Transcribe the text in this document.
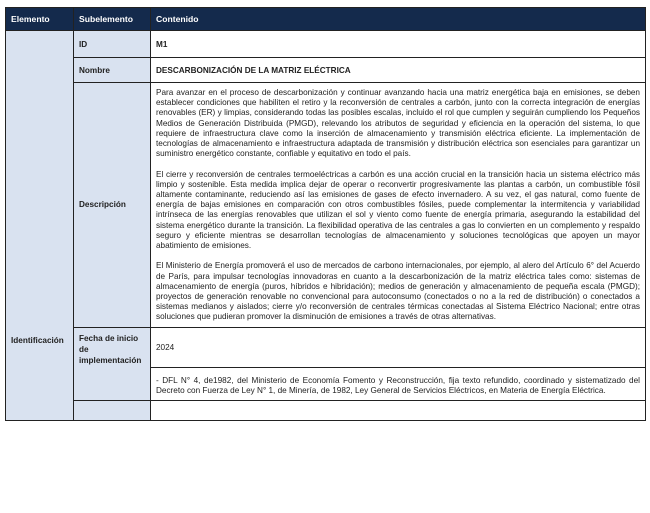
Elemento	Subelemento	Contenido
Identificación	ID	M1
	Nombre	DESCARBONIZACIÓN DE LA MATRIZ ELÉCTRICA
	Descripción	Para avanzar en el proceso de descarbonización y continuar avanzando hacia una matriz energética baja en emisiones, se deben establecer condiciones que habiliten el retiro y la reconversión de centrales a carbón, junto con la correcta integración de energías renovables (ER) y limpias, considerando todas las posibles escalas, incluido el rol que cumplen y seguirán cumpliendo los Pequeños Medios de Generación Distribuida (PMGD), relevando los atributos de seguridad y eficiencia en la operación del sistema, lo que requiere de infraestructura clave como la inserción de almacenamiento y transmisión eléctrica eficiente. La implementación de tecnologías de almacenamiento e infraestructura adaptada de transmisión y distribución eléctrica son esenciales para garantizar un suministro energético constante, confiable y equitativo en todo el país.

El cierre y reconversión de centrales termoeléctricas a carbón es una acción crucial en la transición hacia un sistema eléctrico más limpio y sostenible. Esta medida implica dejar de operar o reconvertir progresivamente las plantas a carbón, un combustible fósil altamente contaminante, reduciendo así las emisiones de gases de efecto invernadero. A su vez, el gas natural, como fuente de energía de bajas emisiones en comparación con otros combustibles fósiles, puede complementar la intermitencia y variabilidad intrínseca de las energías renovables que utilizan el sol y viento como fuente de energía primaria, asegurando la estabilidad del sistema energético durante la transición. La flexibilidad operativa de las centrales a gas lo convierten en un complemento y respaldo seguro y eficiente mientras se desarrollan tecnologías de almacenamiento y soluciones tecnológicas que apoyen un mayor abatimiento de emisiones.

El Ministerio de Energía promoverá el uso de mercados de carbono internacionales, por ejemplo, al alero del Artículo 6° del Acuerdo de París, para impulsar tecnologías innovadoras en cuanto a la descarbonización de la matriz eléctrica tales como: sistemas de almacenamiento de energía (puros, híbridos e hibridación); medios de generación y almacenamiento de pequeña escala (PMGD); proyectos de generación renovable no convencional para autoconsumo (conectados o no a la red de distribución) o conectados a sistemas medianos y aislados; cierre y/o reconversión de centrales térmicas conectadas al Sistema Eléctrico Nacional; entre otras soluciones que pudieran promover la disminución de emisiones a través de otras alternativas.

	Fecha de inicio de implementación	2024

		- DFL N° 4, de1982, del Ministerio de Economía Fomento y Reconstrucción, fija texto refundido, coordinado y sistematizado del Decreto con Fuerza de Ley N° 1, de Minería, de 1982, Ley General de Servicios Eléctricos, en Materia de Energía Eléctrica.
